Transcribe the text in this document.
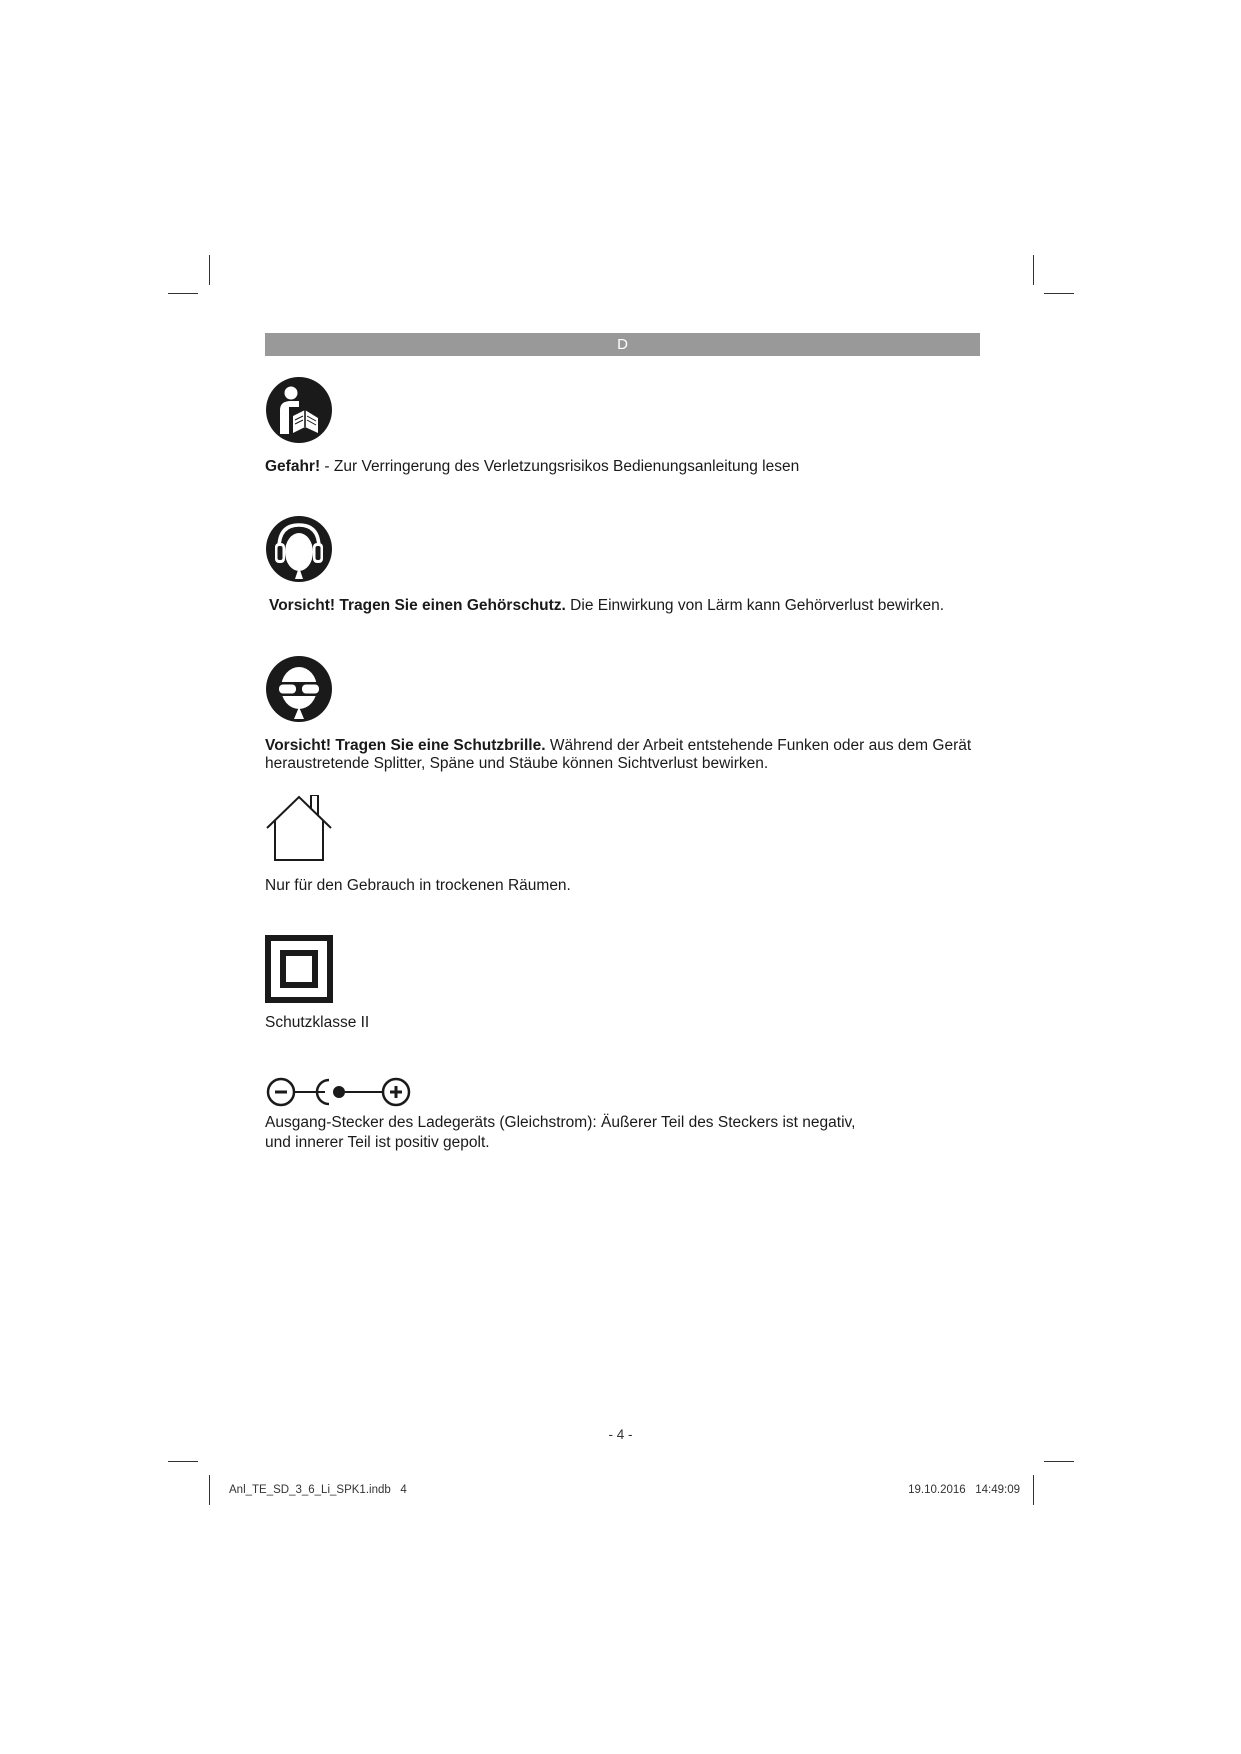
D

Gefahr! - Zur Verringerung des Verletzungsrisikos Bedienungsanleitung lesen

Vorsicht! Tragen Sie einen Gehörschutz. Die Einwirkung von Lärm kann Gehörverlust bewirken.

Vorsicht! Tragen Sie eine Schutzbrille. Während der Arbeit entstehende Funken oder aus dem Gerät heraustretende Splitter, Späne und Stäube können Sichtverlust bewirken.

Nur für den Gebrauch in trockenen Räumen.

Schutzklasse II

Ausgang-Stecker des Ladegeräts (Gleichstrom): Äußerer Teil des Steckers ist negativ,

und innerer Teil ist positiv gepolt.

- 4 -
Anl_TE_SD_3_6_Li_SPK1.indb   4	19.10.2016   14:49:09
